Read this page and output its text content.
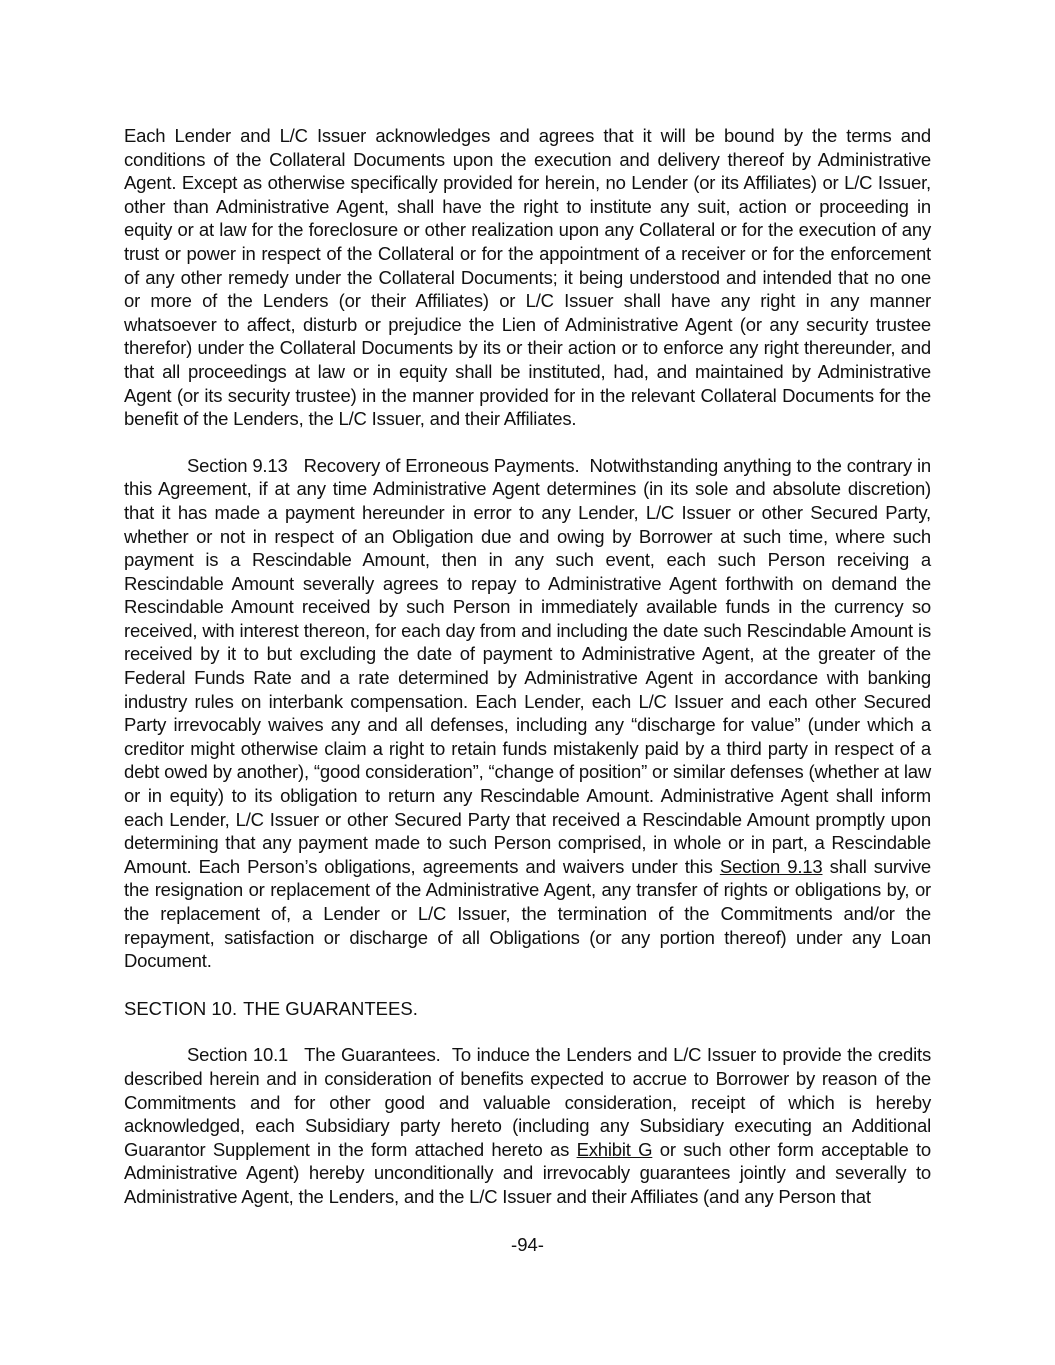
Each Lender and L/C Issuer acknowledges and agrees that it will be bound by the terms and conditions of the Collateral Documents upon the execution and delivery thereof by Administrative Agent. Except as otherwise specifically provided for herein, no Lender (or its Affiliates) or L/C Issuer, other than Administrative Agent, shall have the right to institute any suit, action or proceeding in equity or at law for the foreclosure or other realization upon any Collateral or for the execution of any trust or power in respect of the Collateral or for the appointment of a receiver or for the enforcement of any other remedy under the Collateral Documents; it being understood and intended that no one or more of the Lenders (or their Affiliates) or L/C Issuer shall have any right in any manner whatsoever to affect, disturb or prejudice the Lien of Administrative Agent (or any security trustee therefor) under the Collateral Documents by its or their action or to enforce any right thereunder, and that all proceedings at law or in equity shall be instituted, had, and maintained by Administrative Agent (or its security trustee) in the manner provided for in the relevant Collateral Documents for the benefit of the Lenders, the L/C Issuer, and their Affiliates.

Section 9.13 Recovery of Erroneous Payments. Notwithstanding anything to the contrary in this Agreement, if at any time Administrative Agent determines (in its sole and absolute discretion) that it has made a payment hereunder in error to any Lender, L/C Issuer or other Secured Party, whether or not in respect of an Obligation due and owing by Borrower at such time, where such payment is a Rescindable Amount, then in any such event, each such Person receiving a Rescindable Amount severally agrees to repay to Administrative Agent forthwith on demand the Rescindable Amount received by such Person in immediately available funds in the currency so received, with interest thereon, for each day from and including the date such Rescindable Amount is received by it to but excluding the date of payment to Administrative Agent, at the greater of the Federal Funds Rate and a rate determined by Administrative Agent in accordance with banking industry rules on interbank compensation. Each Lender, each L/C Issuer and each other Secured Party irrevocably waives any and all defenses, including any “discharge for value” (under which a creditor might otherwise claim a right to retain funds mistakenly paid by a third party in respect of a debt owed by another), “good consideration”, “change of position” or similar defenses (whether at law or in equity) to its obligation to return any Rescindable Amount. Administrative Agent shall inform each Lender, L/C Issuer or other Secured Party that received a Rescindable Amount promptly upon determining that any payment made to such Person comprised, in whole or in part, a Rescindable Amount. Each Person’s obligations, agreements and waivers under this Section 9.13 shall survive the resignation or replacement of the Administrative Agent, any transfer of rights or obligations by, or the replacement of, a Lender or L/C Issuer, the termination of the Commitments and/or the repayment, satisfaction or discharge of all Obligations (or any portion thereof) under any Loan Document.

SECTION 10. THE GUARANTEES.

Section 10.1 The Guarantees. To induce the Lenders and L/C Issuer to provide the credits described herein and in consideration of benefits expected to accrue to Borrower by reason of the Commitments and for other good and valuable consideration, receipt of which is hereby acknowledged, each Subsidiary party hereto (including any Subsidiary executing an Additional Guarantor Supplement in the form attached hereto as Exhibit G or such other form acceptable to Administrative Agent) hereby unconditionally and irrevocably guarantees jointly and severally to Administrative Agent, the Lenders, and the L/C Issuer and their Affiliates (and any Person that

-94-
